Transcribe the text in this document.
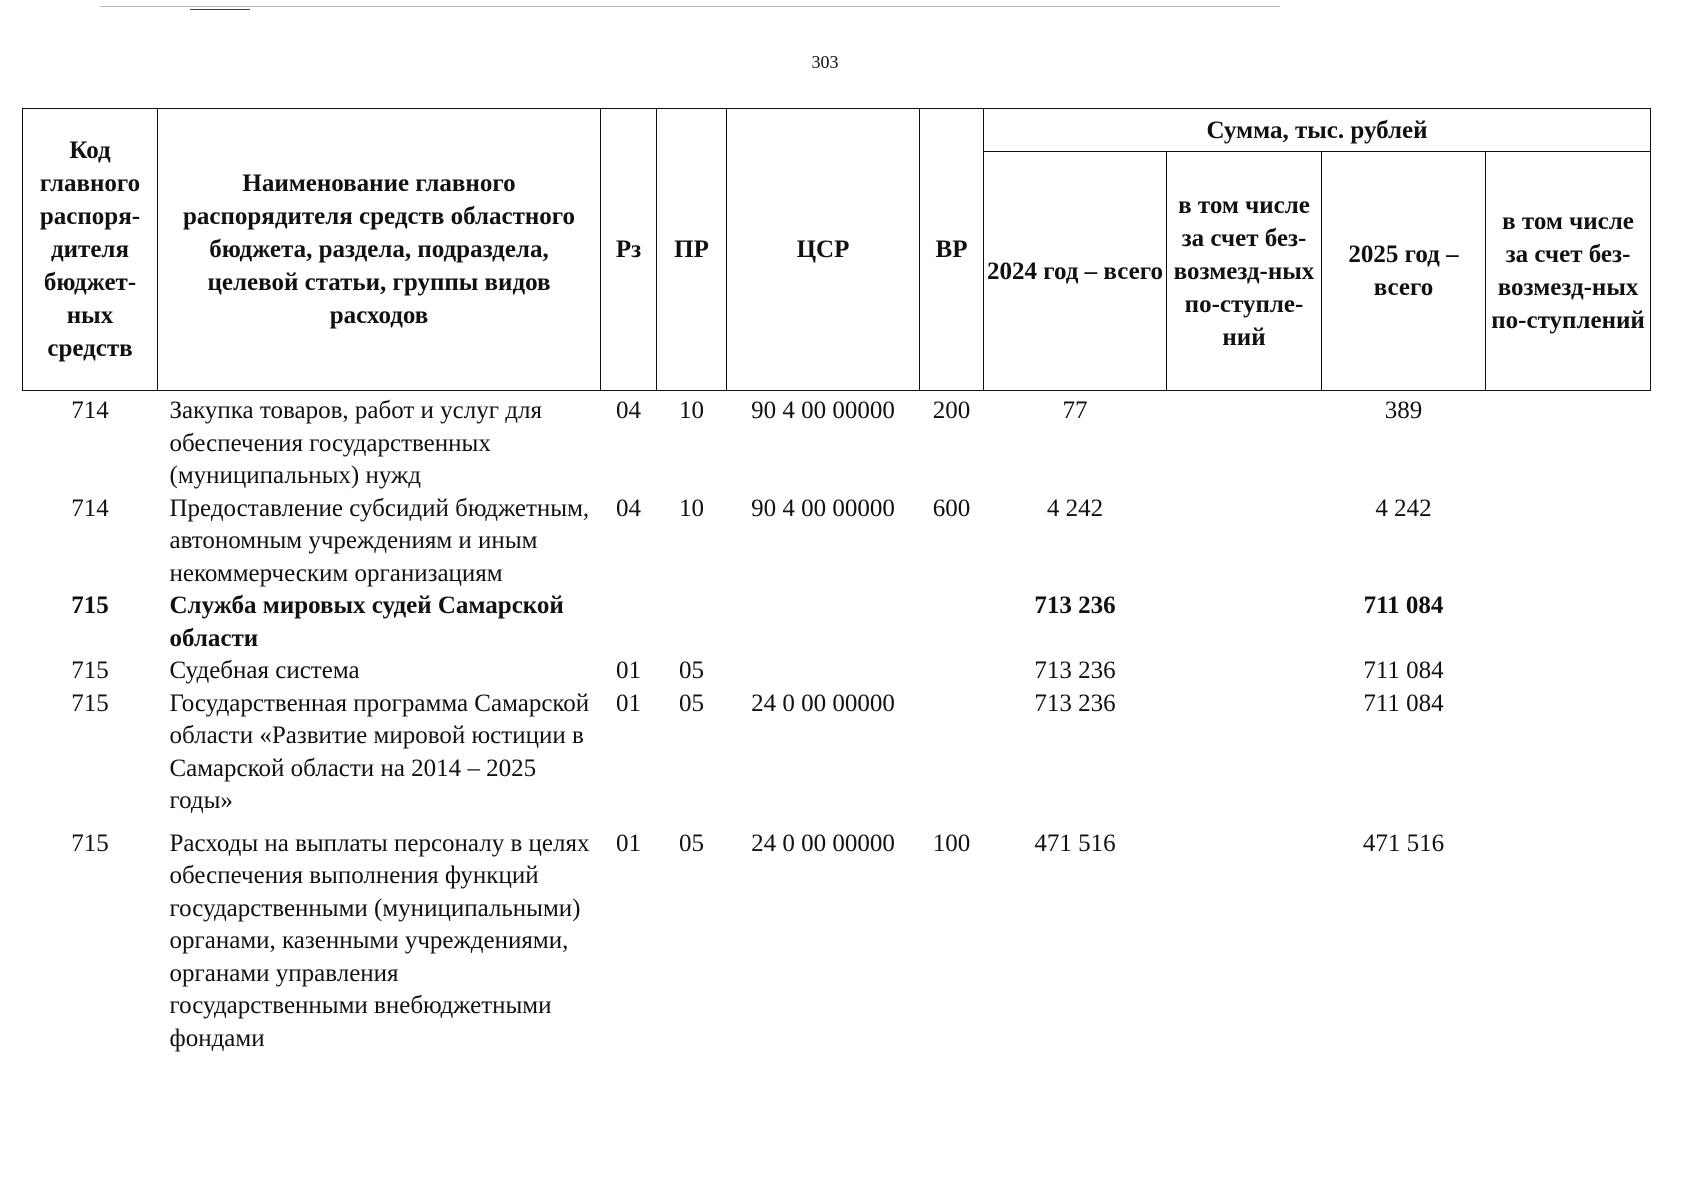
303
Код главного распоря-дителя бюджет-ных средств	Наименование главного распорядителя средств областного бюджета, раздела, подраздела, целевой статьи, группы видов расходов	Рз	ПР	ЦСР	ВР	Сумма, тыс. рублей			
						2024 год – всего	в том числе за счет без-возмезд-ных по-ступле-ний	2025 год – всего	в том числе за счет без-возмезд-ных по-ступлений
714	Закупка товаров, работ и услуг для обеспечения государственных (муниципальных) нужд	04	10	90 4 00 00000	200	77		389	
714	Предоставление субсидий бюджетным, автономным учреждениям и иным некоммерческим организациям	04	10	90 4 00 00000	600	4 242		4 242	
715	Служба мировых судей Самарской области					713 236		711 084	
715	Судебная система	01	05			713 236		711 084	
715	Государственная программа Самарской области «Развитие мировой юстиции в Самарской области на 2014 – 2025 годы»	01	05	24 0 00 00000		713 236		711 084	
715	Расходы на выплаты персоналу в целях обеспечения выполнения функций государственными (муниципальными) органами, казенными учреждениями, органами управления государственными внебюджетными фондами	01	05	24 0 00 00000	100	471 516		471 516	
